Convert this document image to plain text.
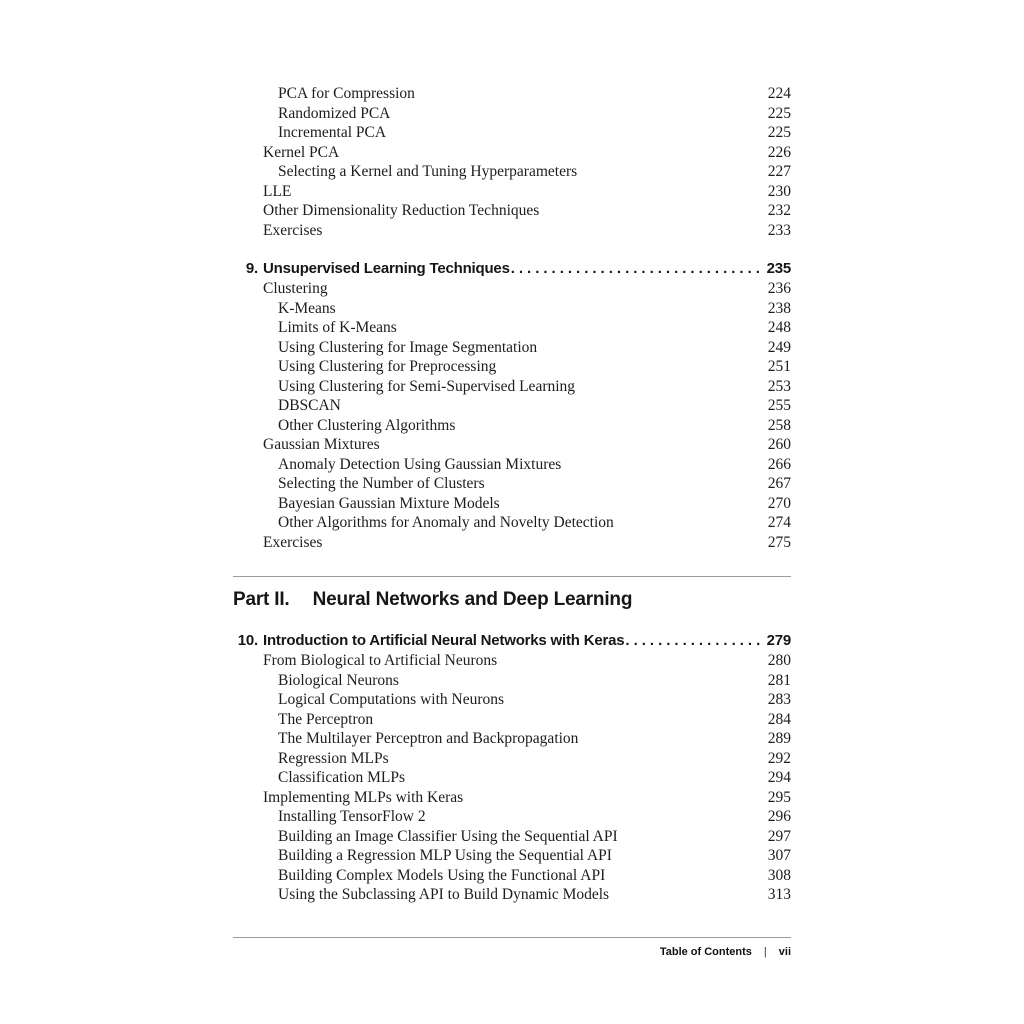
PCA for Compression	224
Randomized PCA	225
Incremental PCA	225
Kernel PCA	226
Selecting a Kernel and Tuning Hyperparameters	227
LLE	230
Other Dimensionality Reduction Techniques	232
Exercises	233
9. Unsupervised Learning Techniques .....	235
Clustering	236
K-Means	238
Limits of K-Means	248
Using Clustering for Image Segmentation	249
Using Clustering for Preprocessing	251
Using Clustering for Semi-Supervised Learning	253
DBSCAN	255
Other Clustering Algorithms	258
Gaussian Mixtures	260
Anomaly Detection Using Gaussian Mixtures	266
Selecting the Number of Clusters	267
Bayesian Gaussian Mixture Models	270
Other Algorithms for Anomaly and Novelty Detection	274
Exercises	275
Part II. Neural Networks and Deep Learning
10. Introduction to Artificial Neural Networks with Keras .....	279
From Biological to Artificial Neurons	280
Biological Neurons	281
Logical Computations with Neurons	283
The Perceptron	284
The Multilayer Perceptron and Backpropagation	289
Regression MLPs	292
Classification MLPs	294
Implementing MLPs with Keras	295
Installing TensorFlow 2	296
Building an Image Classifier Using the Sequential API	297
Building a Regression MLP Using the Sequential API	307
Building Complex Models Using the Functional API	308
Using the Subclassing API to Build Dynamic Models	313
Table of Contents | vii
